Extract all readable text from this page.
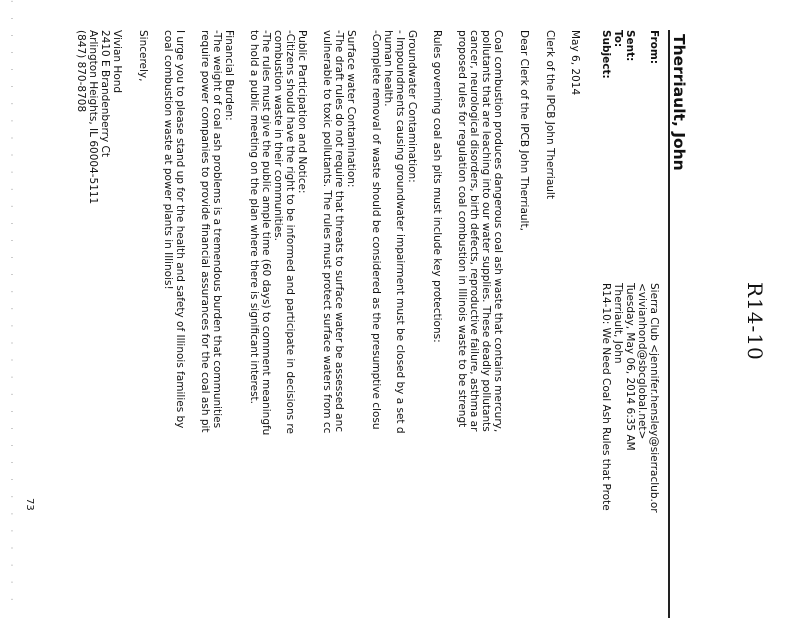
R14-10
Therriault, John
From:
Sierra Club <jennifer.hensley@sierraclub.or
<vivianhond@sbcglobal.net>
Sent:
Tuesday, May 06, 2014 6:35 AM
To:
Therriault, John
Subject:
R14-10: We Need Coal Ash Rules that Prote
May 6, 2014
Clerk of the IPCB John Therriault
Dear Clerk of the IPCB John Therriault,
Coal combustion produces dangerous coal ash waste that contains mercury,
pollutants that are leaching into our water supplies. These deadly pollutants
cancer, neurological disorders, birth defects, reproductive failure, asthma ar
proposed rules for regulation coal combustion in Illinois waste to be strengt
Rules governing coal ash pits must include key protections:
Groundwater Contamination:
- Impoundments causing groundwater impairment must be closed by a set d
human health.
-Complete removal of waste should be considered as the presumptive closu
Surface water Contamination:
-The draft rules do not require that threats to surface water be assessed anc
vulnerable to toxic pollutants. The rules must protect surface waters from cc
Public Participation and Notice:
-Citizens should have the right to be informed and participate in decisions re
combustion waste in their communities.
-The rules must give the public ample time (60 days) to comment meaningfu
to hold a public meeting on the plan where there is significant interest.
Financial Burden:
-The weight of coal ash problems is a tremendous burden that communities
require power companies to provide financial assurances for the coal ash pit
I urge you to please stand up for the health and safety of Illinois families by
coal combustion waste at power plants in Illinois!
Sincerely,
Vivian Hond
2410 E Brandenberry Ct
Arlington Heights, IL 60004-5111
(847) 870-8708
73
· · · · · · · · · · · · · · · · · · · · · · · · · · · · · · · · · · · ·
